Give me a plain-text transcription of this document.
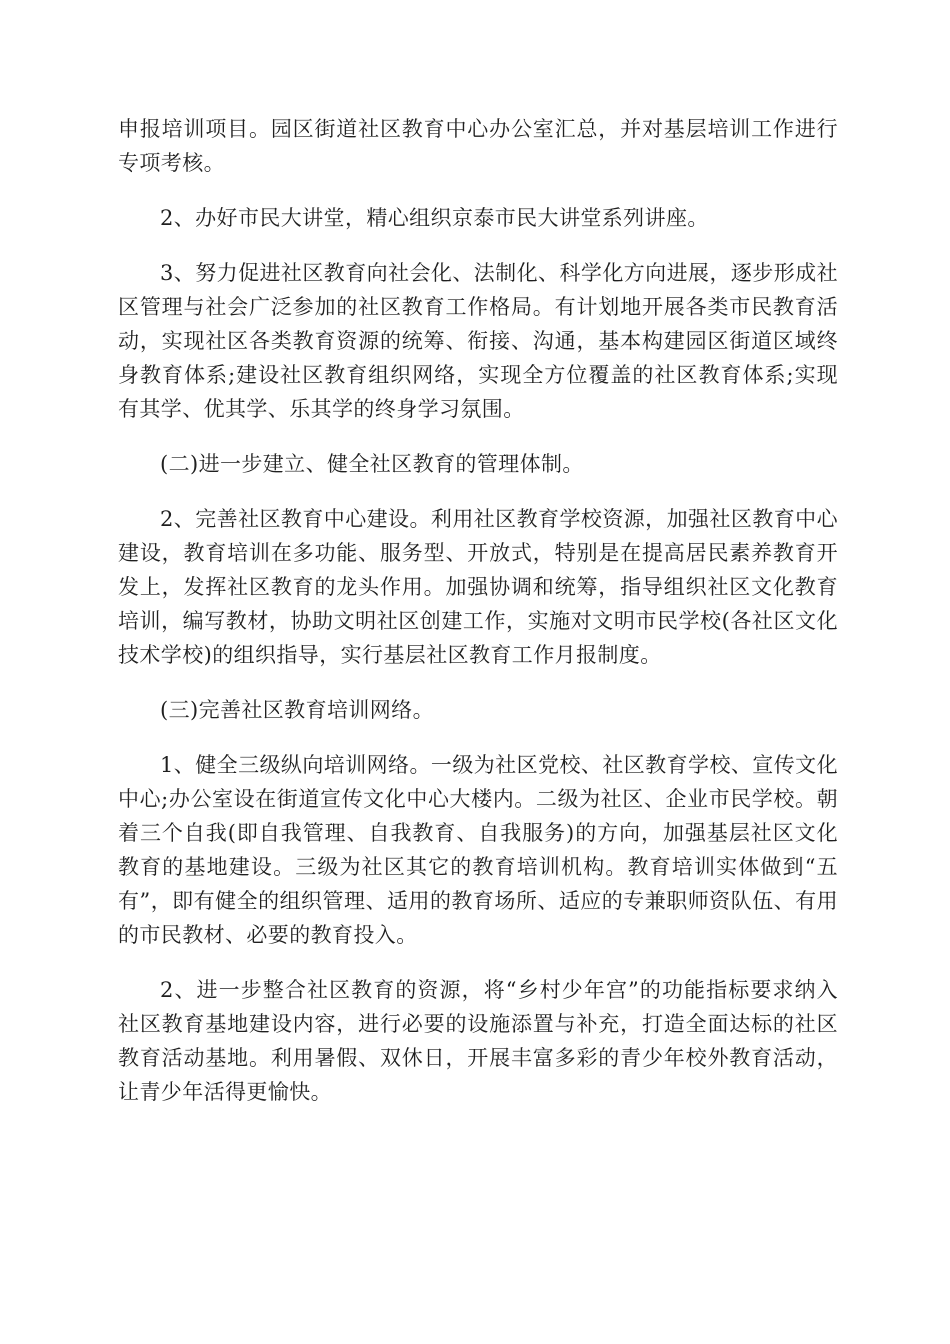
申报培训项目。园区街道社区教育中心办公室汇总，并对基层培训工作进行专项考核。

2、办好市民大讲堂，精心组织京泰市民大讲堂系列讲座。

3、努力促进社区教育向社会化、法制化、科学化方向进展，逐步形成社区管理与社会广泛参加的社区教育工作格局。有计划地开展各类市民教育活动，实现社区各类教育资源的统筹、衔接、沟通，基本构建园区街道区域终身教育体系;建设社区教育组织网络，实现全方位覆盖的社区教育体系;实现有其学、优其学、乐其学的终身学习氛围。

(二)进一步建立、健全社区教育的管理体制。

2、完善社区教育中心建设。利用社区教育学校资源，加强社区教育中心建设，教育培训在多功能、服务型、开放式，特别是在提高居民素养教育开发上，发挥社区教育的龙头作用。加强协调和统筹，指导组织社区文化教育培训，编写教材，协助文明社区创建工作，实施对文明市民学校(各社区文化技术学校)的组织指导，实行基层社区教育工作月报制度。

(三)完善社区教育培训网络。

1、健全三级纵向培训网络。一级为社区党校、社区教育学校、宣传文化中心;办公室设在街道宣传文化中心大楼内。二级为社区、企业市民学校。朝着三个自我(即自我管理、自我教育、自我服务)的方向，加强基层社区文化教育的基地建设。三级为社区其它的教育培训机构。教育培训实体做到“五有”，即有健全的组织管理、适用的教育场所、适应的专兼职师资队伍、有用的市民教材、必要的教育投入。

2、进一步整合社区教育的资源，将“乡村少年宫”的功能指标要求纳入社区教育基地建设内容，进行必要的设施添置与补充，打造全面达标的社区教育活动基地。利用暑假、双休日，开展丰富多彩的青少年校外教育活动，让青少年活得更愉快。
